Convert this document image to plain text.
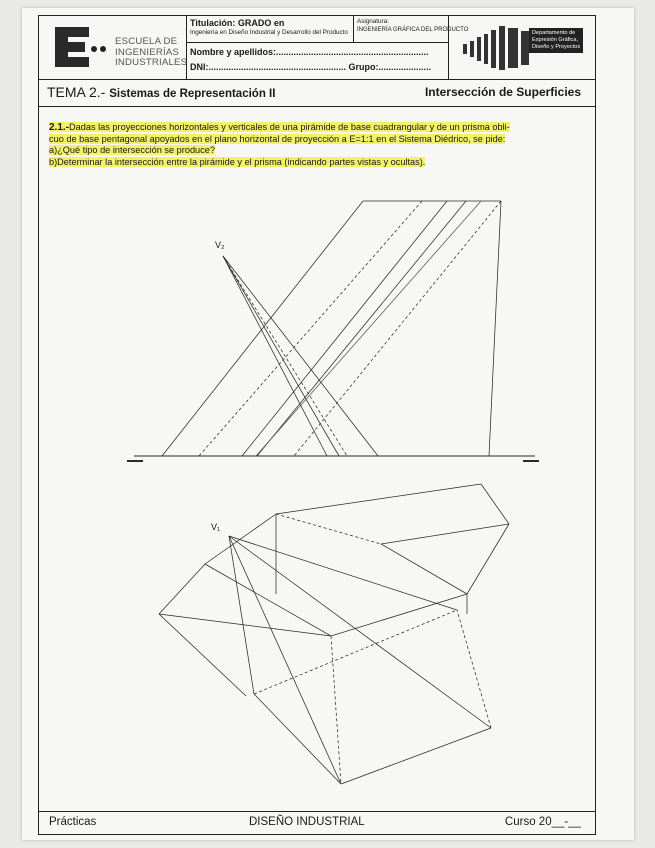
ESCUELA DE
INGENIERÍAS
INDUSTRIALES
Titulación: GRADO en
Ingeniería en Diseño Industrial y Desarrollo del Producto
Asignatura:
INGENIERÍA GRÁFICA DEL PRODUCTO
Nombre y apellidos:.............................................................
DNI:....................................................... Grupo:.....................
Departamento de
Expresión Gráfica,
Diseño y Proyectos
TEMA 2.- Sistemas de Representación II	Intersección de Superficies
2.1.-Dadas las proyecciones horizontales y verticales de una pirámide de base cuadrangular y de un prisma obli-
cuo de base pentagonal apoyados en el plano horizontal de proyección a E=1:1 en el Sistema Diédrico, se pide:
a)¿Qué tipo de intersección se produce?
b)Determinar la intersección entre la pirámide y el prisma (indicando partes vistas y ocultas).
V₂
V₁
Prácticas	DISEÑO INDUSTRIAL	Curso 20__-__
